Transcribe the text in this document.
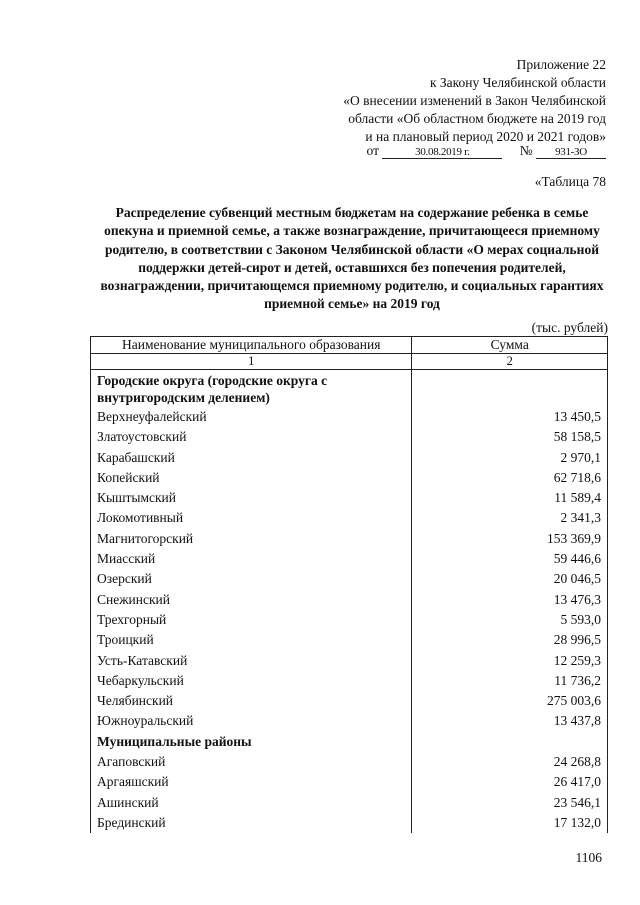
Приложение 22
к Закону Челябинской области
«О внесении изменений в Закон Челябинской
области «Об областном бюджете на 2019 год
и на плановый период 2020 и 2021 годов»
от	30.08.2019 г.	№ 931-ЗО
«Таблица 78
Распределение субвенций местным бюджетам на содержание ребенка в семье опекуна и приемной семье, а также вознаграждение, причитающееся приемному родителю, в соответствии с Законом Челябинской области «О мерах социальной поддержки детей-сирот и детей, оставшихся без попечения родителей, вознаграждении, причитающемся приемному родителю, и социальных гарантиях приемной семье» на 2019 год
(тыс. рублей)
Наименование муниципального образования	Сумма
1	2
Городские округа (городские округа с внутригородским делением)	
Верхнеуфалейский	13 450,5
Златоустовский	58 158,5
Карабашский	2 970,1
Копейский	62 718,6
Кыштымский	11 589,4
Локомотивный	2 341,3
Магнитогорский	153 369,9
Миасский	59 446,6
Озерский	20 046,5
Снежинский	13 476,3
Трехгорный	5 593,0
Троицкий	28 996,5
Усть-Катавский	12 259,3
Чебаркульский	11 736,2
Челябинский	275 003,6
Южноуральский	13 437,8
Муниципальные районы	
Агаповский	24 268,8
Аргаяшский	26 417,0
Ашинский	23 546,1
Брединский	17 132,0
1106
